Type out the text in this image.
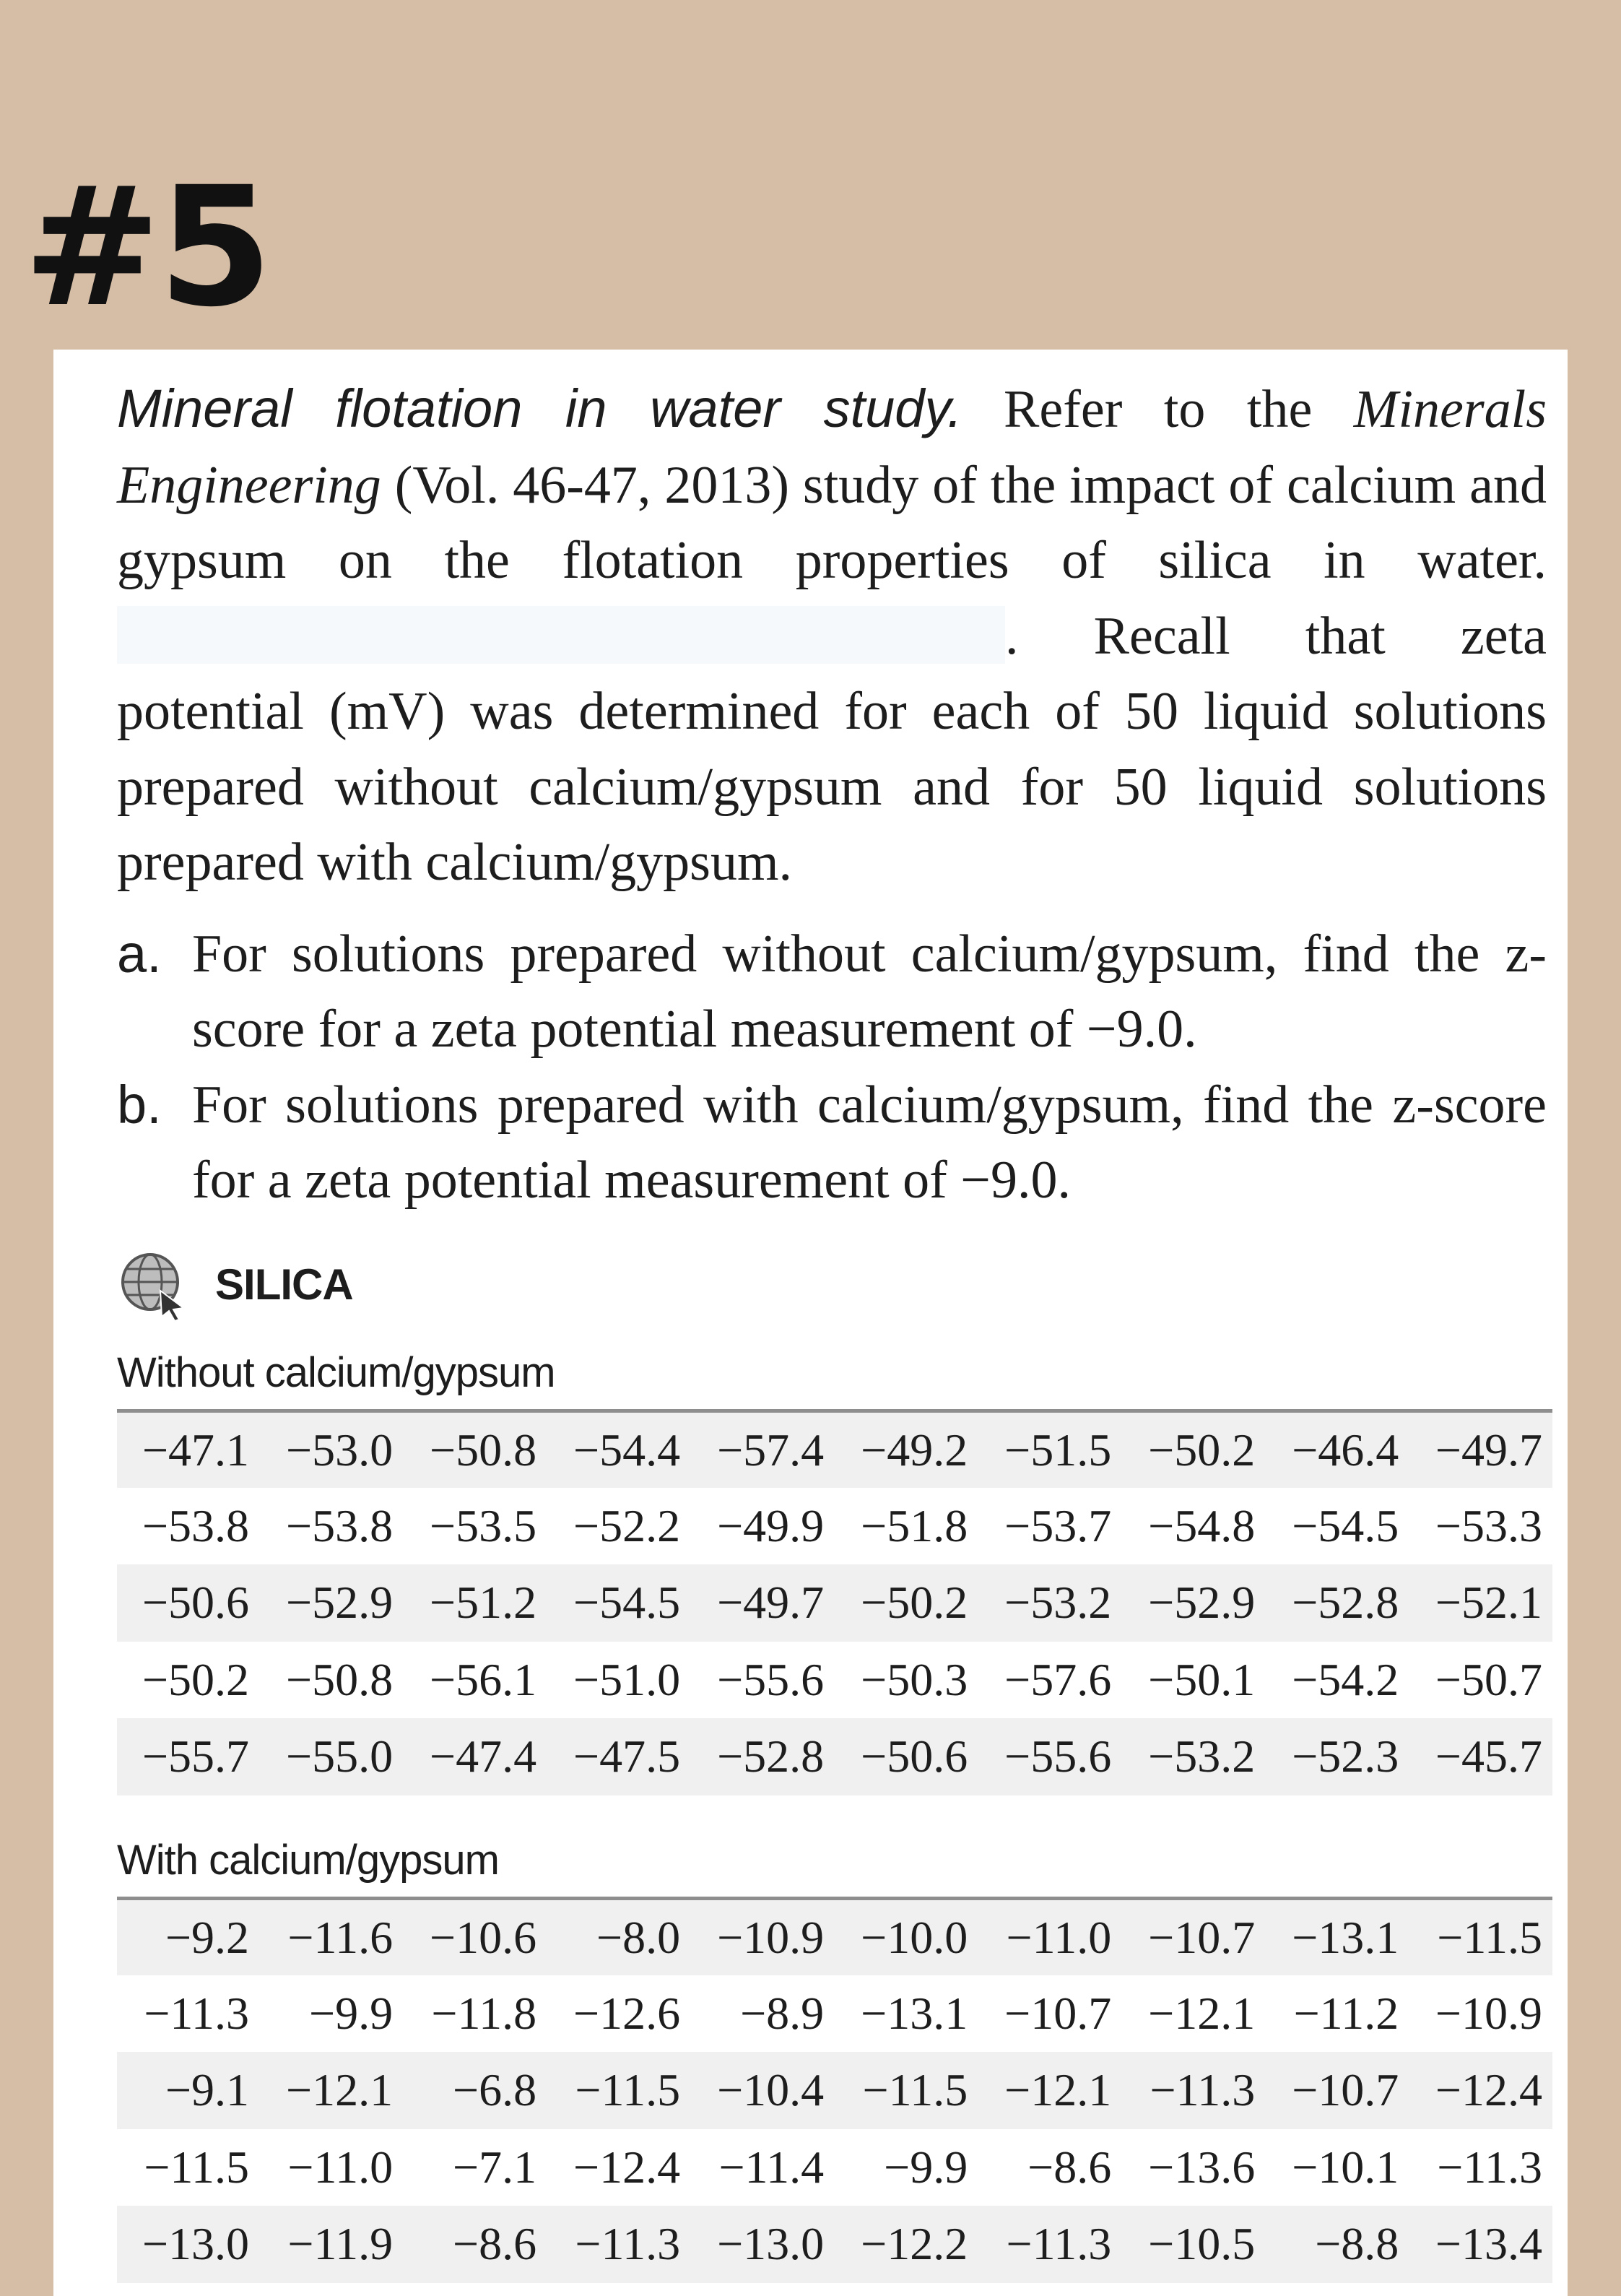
#5

Mineral flotation in water study. Refer to the Minerals Engineering (Vol. 46-47, 2013) study of the impact of calcium and gypsum on the flotation properties of silica in water. . Recall that zeta potential (mV) was determined for each of 50 liquid solutions prepared without calcium/gypsum and for 50 liquid solutions prepared with calcium/gypsum.

a. For solutions prepared without calcium/gypsum, find the z-score for a zeta potential measurement of −9.0.
b. For solutions prepared with calcium/gypsum, find the z-score for a zeta potential measurement of −9.0.
SILICA
Without calcium/gypsum
−47.1	−53.0	−50.8	−54.4	−57.4	−49.2	−51.5	−50.2	−46.4	−49.7
−53.8	−53.8	−53.5	−52.2	−49.9	−51.8	−53.7	−54.8	−54.5	−53.3
−50.6	−52.9	−51.2	−54.5	−49.7	−50.2	−53.2	−52.9	−52.8	−52.1
−50.2	−50.8	−56.1	−51.0	−55.6	−50.3	−57.6	−50.1	−54.2	−50.7
−55.7	−55.0	−47.4	−47.5	−52.8	−50.6	−55.6	−53.2	−52.3	−45.7
With calcium/gypsum
−9.2	−11.6	−10.6	−8.0	−10.9	−10.0	−11.0	−10.7	−13.1	−11.5
−11.3	−9.9	−11.8	−12.6	−8.9	−13.1	−10.7	−12.1	−11.2	−10.9
−9.1	−12.1	−6.8	−11.5	−10.4	−11.5	−12.1	−11.3	−10.7	−12.4
−11.5	−11.0	−7.1	−12.4	−11.4	−9.9	−8.6	−13.6	−10.1	−11.3
−13.0	−11.9	−8.6	−11.3	−13.0	−12.2	−11.3	−10.5	−8.8	−13.4
